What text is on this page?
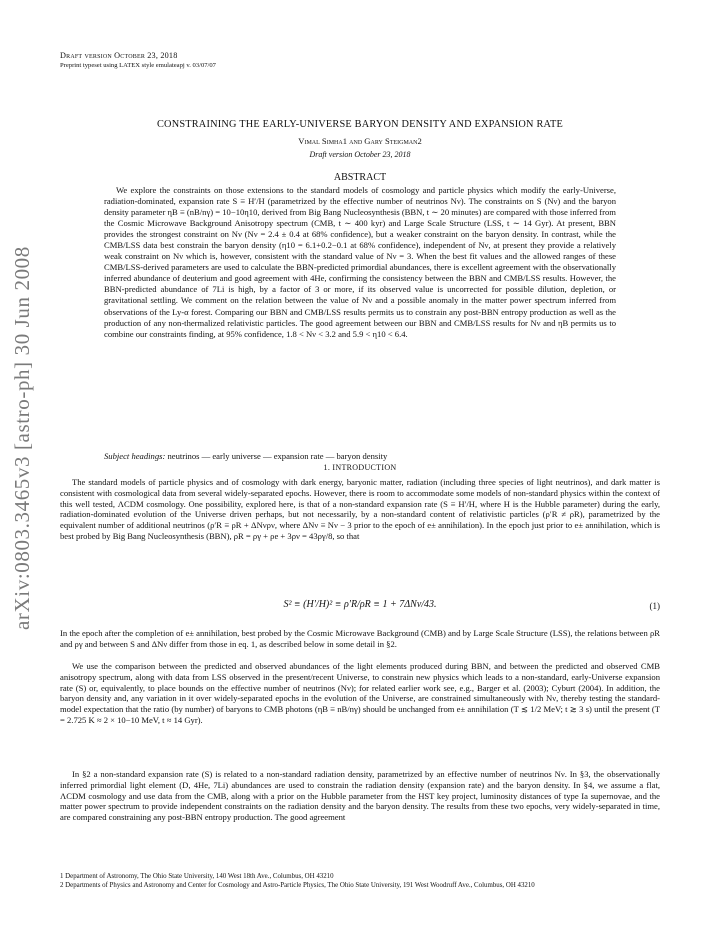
Draft version October 23, 2018
Preprint typeset using LATEX style emulateapj v. 03/07/07
arXiv:0803.3465v3 [astro-ph] 30 Jun 2008
CONSTRAINING THE EARLY-UNIVERSE BARYON DENSITY AND EXPANSION RATE
Vimal Simha1 and Gary Steigman2
Draft version October 23, 2018
ABSTRACT
We explore the constraints on those extensions to the standard models of cosmology and particle physics which modify the early-Universe, radiation-dominated, expansion rate S ≡ H′/H (parametrized by the effective number of neutrinos Nν). The constraints on S (Nν) and the baryon density parameter ηB ≡ (nB/nγ) = 10−10η10, derived from Big Bang Nucleosynthesis (BBN, t ∼ 20 minutes) are compared with those inferred from the Cosmic Microwave Background Anisotropy spectrum (CMB, t ∼ 400 kyr) and Large Scale Structure (LSS, t ∼ 14 Gyr). At present, BBN provides the strongest constraint on Nν (Nν = 2.4 ± 0.4 at 68% confidence), but a weaker constraint on the baryon density. In contrast, while the CMB/LSS data best constrain the baryon density (η10 = 6.1+0.2−0.1 at 68% confidence), independent of Nν, at present they provide a relatively weak constraint on Nν which is, however, consistent with the standard value of Nν = 3. When the best fit values and the allowed ranges of these CMB/LSS-derived parameters are used to calculate the BBN-predicted primordial abundances, there is excellent agreement with the observationally inferred abundance of deuterium and good agreement with 4He, confirming the consistency between the BBN and CMB/LSS results. However, the BBN-predicted abundance of 7Li is high, by a factor of 3 or more, if its observed value is uncorrected for possible dilution, depletion, or gravitational settling. We comment on the relation between the value of Nν and a possible anomaly in the matter power spectrum inferred from observations of the Ly-α forest. Comparing our BBN and CMB/LSS results permits us to constrain any post-BBN entropy production as well as the production of any non-thermalized relativistic particles. The good agreement between our BBN and CMB/LSS results for Nν and ηB permits us to combine our constraints finding, at 95% confidence, 1.8 < Nν < 3.2 and 5.9 < η10 < 6.4.
Subject headings: neutrinos — early universe — expansion rate — baryon density
1. INTRODUCTION
The standard models of particle physics and of cosmology with dark energy, baryonic matter, radiation (including three species of light neutrinos), and dark matter is consistent with cosmological data from several widely-separated epochs. However, there is room to accommodate some models of non-standard physics within the context of this well tested, ΛCDM cosmology. One possibility, explored here, is that of a non-standard expansion rate (S ≡ H′/H, where H is the Hubble parameter) during the early, radiation-dominated evolution of the Universe driven perhaps, but not necessarily, by a non-standard content of relativistic particles (ρ′R ≠ ρR), parametrized by the equivalent number of additional neutrinos (ρ′R ≡ ρR + ΔNνρν, where ΔNν ≡ Nν − 3 prior to the epoch of e± annihilation). In the epoch just prior to e± annihilation, which is best probed by Big Bang Nucleosynthesis (BBN), ρR = ργ + ρe + 3ρν = 43ργ/8, so that
S² ≡ (H′/H)² ≡ ρ′R/ρR ≡ 1 + 7ΔNν/43.	(1)
In the epoch after the completion of e± annihilation, best probed by the Cosmic Microwave Background (CMB) and by Large Scale Structure (LSS), the relations between ρR and ργ and between S and ΔNν differ from those in eq. 1, as described below in some detail in §2.
We use the comparison between the predicted and observed abundances of the light elements produced during BBN, and between the predicted and observed CMB anisotropy spectrum, along with data from LSS observed in the present/recent Universe, to constrain new physics which leads to a non-standard, early-Universe expansion rate (S) or, equivalently, to place bounds on the effective number of neutrinos (Nν); for related earlier work see, e.g., Barger et al. (2003); Cyburt (2004). In addition, the baryon density and, any variation in it over widely-separated epochs in the evolution of the Universe, are constrained simultaneously with Nν, thereby testing the standard-model expectation that the ratio (by number) of baryons to CMB photons (ηB ≡ nB/nγ) should be unchanged from e± annihilation (T ≲ 1/2 MeV; t ≳ 3 s) until the present (T = 2.725 K ≈ 2 × 10−10 MeV, t ≈ 14 Gyr).
In §2 a non-standard expansion rate (S) is related to a non-standard radiation density, parametrized by an effective number of neutrinos Nν. In §3, the observationally inferred primordial light element (D, 4He, 7Li) abundances are used to constrain the radiation density (expansion rate) and the baryon density. In §4, we assume a flat, ΛCDM cosmology and use data from the CMB, along with a prior on the Hubble parameter from the HST key project, luminosity distances of type Ia supernovae, and the matter power spectrum to provide independent constraints on the radiation density and the baryon density. The results from these two epochs, very widely-separated in time, are compared constraining any post-BBN entropy production. The good agreement
1 Department of Astronomy, The Ohio State University, 140 West 18th Ave., Columbus, OH 43210
2 Departments of Physics and Astronomy and Center for Cosmology and Astro-Particle Physics, The Ohio State University, 191 West Woodruff Ave., Columbus, OH 43210
